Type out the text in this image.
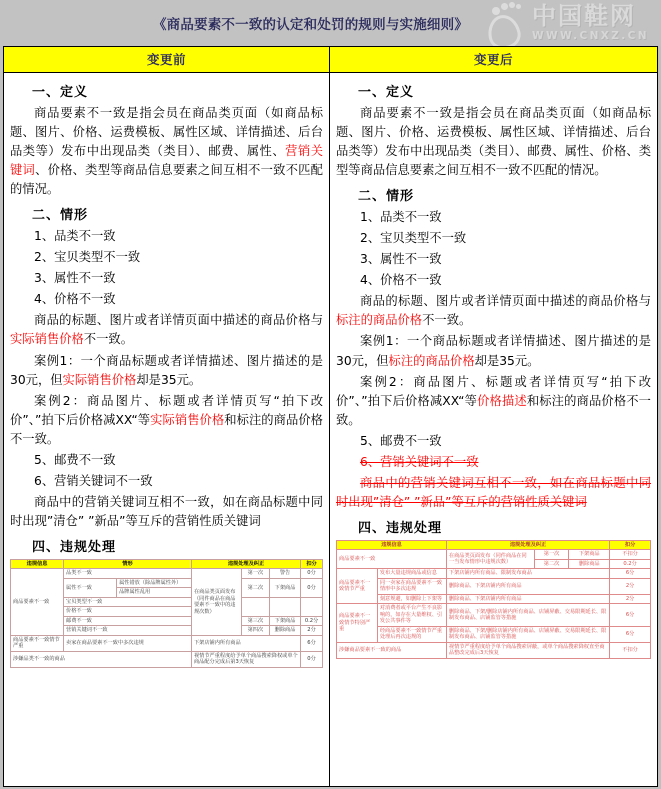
《商品要素不一致的认定和处罚的规则与实施细则》	中国鞋网
WWW.CNXZ.CN
变更前
一、定义

商品要素不一致是指会员在商品类页面（如商品标题、图片、价格、运费模板、属性区域、详情描述、后台品类等）发布中出现品类（类目）、邮费、属性、营销关键词、价格、类型等商品信息要素之间互相不一致不匹配的情况。

二、情形

1、品类不一致

2、宝贝类型不一致

3、属性不一致

4、价格不一致

商品的标题、图片或者详情页面中描述的商品价格与实际销售价格不一致。

案例1：一个商品标题或者详情描述、图片描述的是30元，但实际销售价格却是35元。

案例2：商品图片、标题或者详情页写“拍下改价”、”拍下后价格减XX“等实际销售价格和标注的商品价格不一致。

5、邮费不一致

6、营销关键词不一致

商品中的营销关键词互相不一致，如在商品标题中同时出现”清仓” ”新品”等互斥的营销性质关键词

四、违规处理
违规信息	情形		违规处理及纠正			扣分
商品要素不一致	品类不一致		在商品类页面发布（同件商品在商品要素不一致中的违规次数）	第一次	警告	0分
	属性不一致	属性错放（除品牌属性外）		第二次	下架商品	0分
		品牌属性乱用				
	宝贝类型不一致					
	价格不一致					
	邮费不一致			第三次	下架商品	0.2分
	营销关键词不一致			第四次	删除商品	2分
商品要素不一致情节严重	卖家在商品要素不一致中多次违规		下架店铺内所有商品			6分
涉嫌品类不一致的商品			视情节严重程度给予单个商品搜索降权或单个商品配分完成后第3天恢复			0分
变更后
一、定义

商品要素不一致是指会员在商品类页面（如商品标题、图片、价格、运费模板、属性区域、详情描述、后台品类等）发布中出现品类（类目）、邮费、属性、价格、类型等商品信息要素之间互相不一致不匹配的情况。

二、情形

1、品类不一致

2、宝贝类型不一致

3、属性不一致

4、价格不一致

商品的标题、图片或者详情页面中描述的商品价格与标注的商品价格不一致。

案例1：一个商品标题或者详情描述、图片描述的是30元，但标注的商品价格却是35元。

案例2：商品图片、标题或者详情页写“拍下改价”、”拍下后价格减XX“等价格描述和标注的商品价格不一致。

5、邮费不一致

6、营销关键词不一致

商品中的营销关键词互相不一致，如在商品标题中同时出现”清仓” ”新品”等互斥的营销性质关键词

四、违规处理
违规信息		违规处理及纠正			扣分
商品要素不一致		在商品类页面发布（同件商品在同一当发布情形中违规次数）	第一次	下架商品	不扣分
			第二次	删除商品	0.2分
商品要素不一致情节严重	发布大量违规商品或信息	下架店铺内所有商品、限制发布商品			6分
	同一卖家在商品要素不一致情形中多次违规	删除商品、下架店铺内所有商品			2分
	刻意规避，如删除上下架等	删除商品、下架店铺内所有商品			2分
商品要素不一致情节特别严重	对消费者或平台产生不良影响的，如存在大量维权、引发公共事件等	删除商品、下架/删除店铺内所有商品、店铺屏蔽、交易限期延长、限制发布商品、店铺监管等措施			6分
	经商品要素不一致情节严重处理后再次违规的	删除商品、下架/删除店铺内所有商品、店铺屏蔽、交易限期延长、限制发布商品、店铺监管等措施			6分
涉嫌商品要素不一致的商品		视情节严重程度给予单个商品搜索屏蔽，或单个商品搜索降权直至商品整改完成后3天恢复			不扣分
